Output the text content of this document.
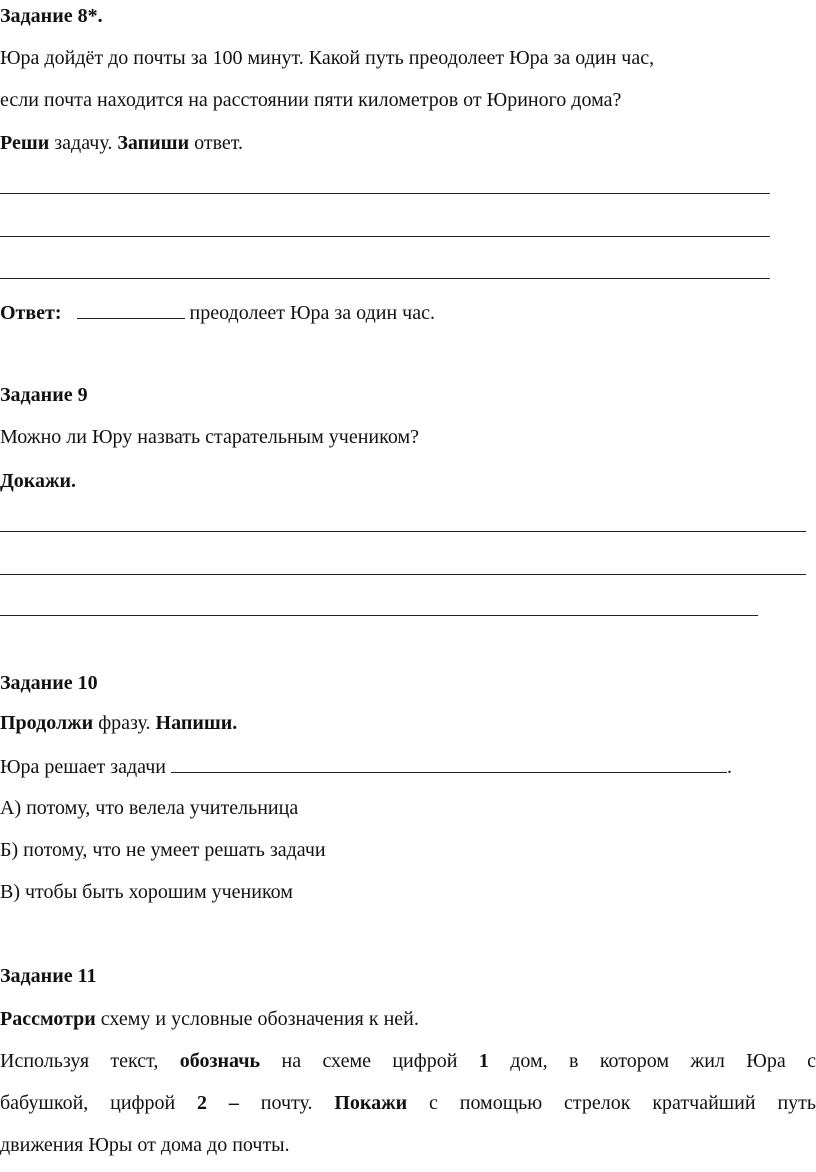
Задание 8*.
Юра дойдёт до почты за 100 минут. Какой путь преодолеет Юра за один час,
если почта находится на расстоянии пяти километров от Юриного дома?
Реши задачу. Запиши ответ.
Ответ:	преодолеет Юра за один час.
Задание 9
Можно ли Юру назвать старательным учеником?
Докажи.
Задание 10
Продолжи фразу. Напиши.
Юра решает задачи	.
А) потому, что велела учительница
Б) потому, что не умеет решать задачи
В) чтобы быть хорошим учеником
Задание 11
Рассмотри схему и условные обозначения к ней.
Используя текст, обозначь на схеме цифрой 1 дом, в котором жил Юра с
бабушкой, цифрой 2 – почту. Покажи с помощью стрелок кратчайший путь
движения Юры от дома до почты.
